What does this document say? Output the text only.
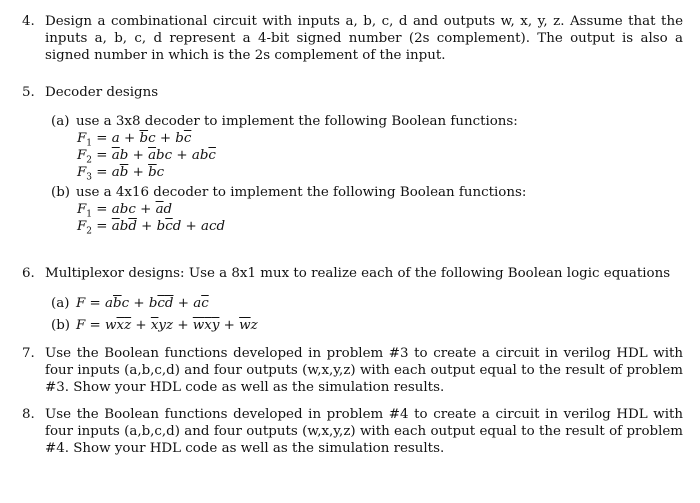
4. Design a combinational circuit with inputs a, b, c, d and outputs w, x, y, z. Assume that the inputs a, b, c, d represent a 4-bit signed number (2s complement). The output is also a signed number in which is the 2s complement of the input.
5. Decoder designs
(a) use a 3x8 decoder to implement the following Boolean functions:
$F_1 = a + \overline{b}c + b\overline{c}$
$F_2 = \overline{a}b + \overline{a}bc + ab\overline{c}$
$F_3 = a\overline{b} + \overline{b}c$
(b) use a 4x16 decoder to implement the following Boolean functions:
$F_1$ = abc + $\overline{a}d$
$F_2 = \overline{a}b\overline{d} + b\overline{c}d$ + acd
6. Multiplexor designs: Use a 8x1 mux to realize each of the following Boolean logic equations
(a) $F = a\overline{b}c + b\overline{c}\overline{d} + a\overline{c}$
(b) $F = w\overline{x}\overline{z} + \overline{x}yz + \overline{w}\overline{x}\overline{y} + \overline{w}z$
7. Use the Boolean functions developed in problem #3 to create a circuit in verilog HDL with four inputs (a,b,c,d) and four outputs (w,x,y,z) with each output equal to the result of problem #3. Show your HDL code as well as the simulation results.
8. Use the Boolean functions developed in problem #4 to create a circuit in verilog HDL with four inputs (a,b,c,d) and four outputs (w,x,y,z) with each output equal to the result of problem #4. Show your HDL code as well as the simulation results.
